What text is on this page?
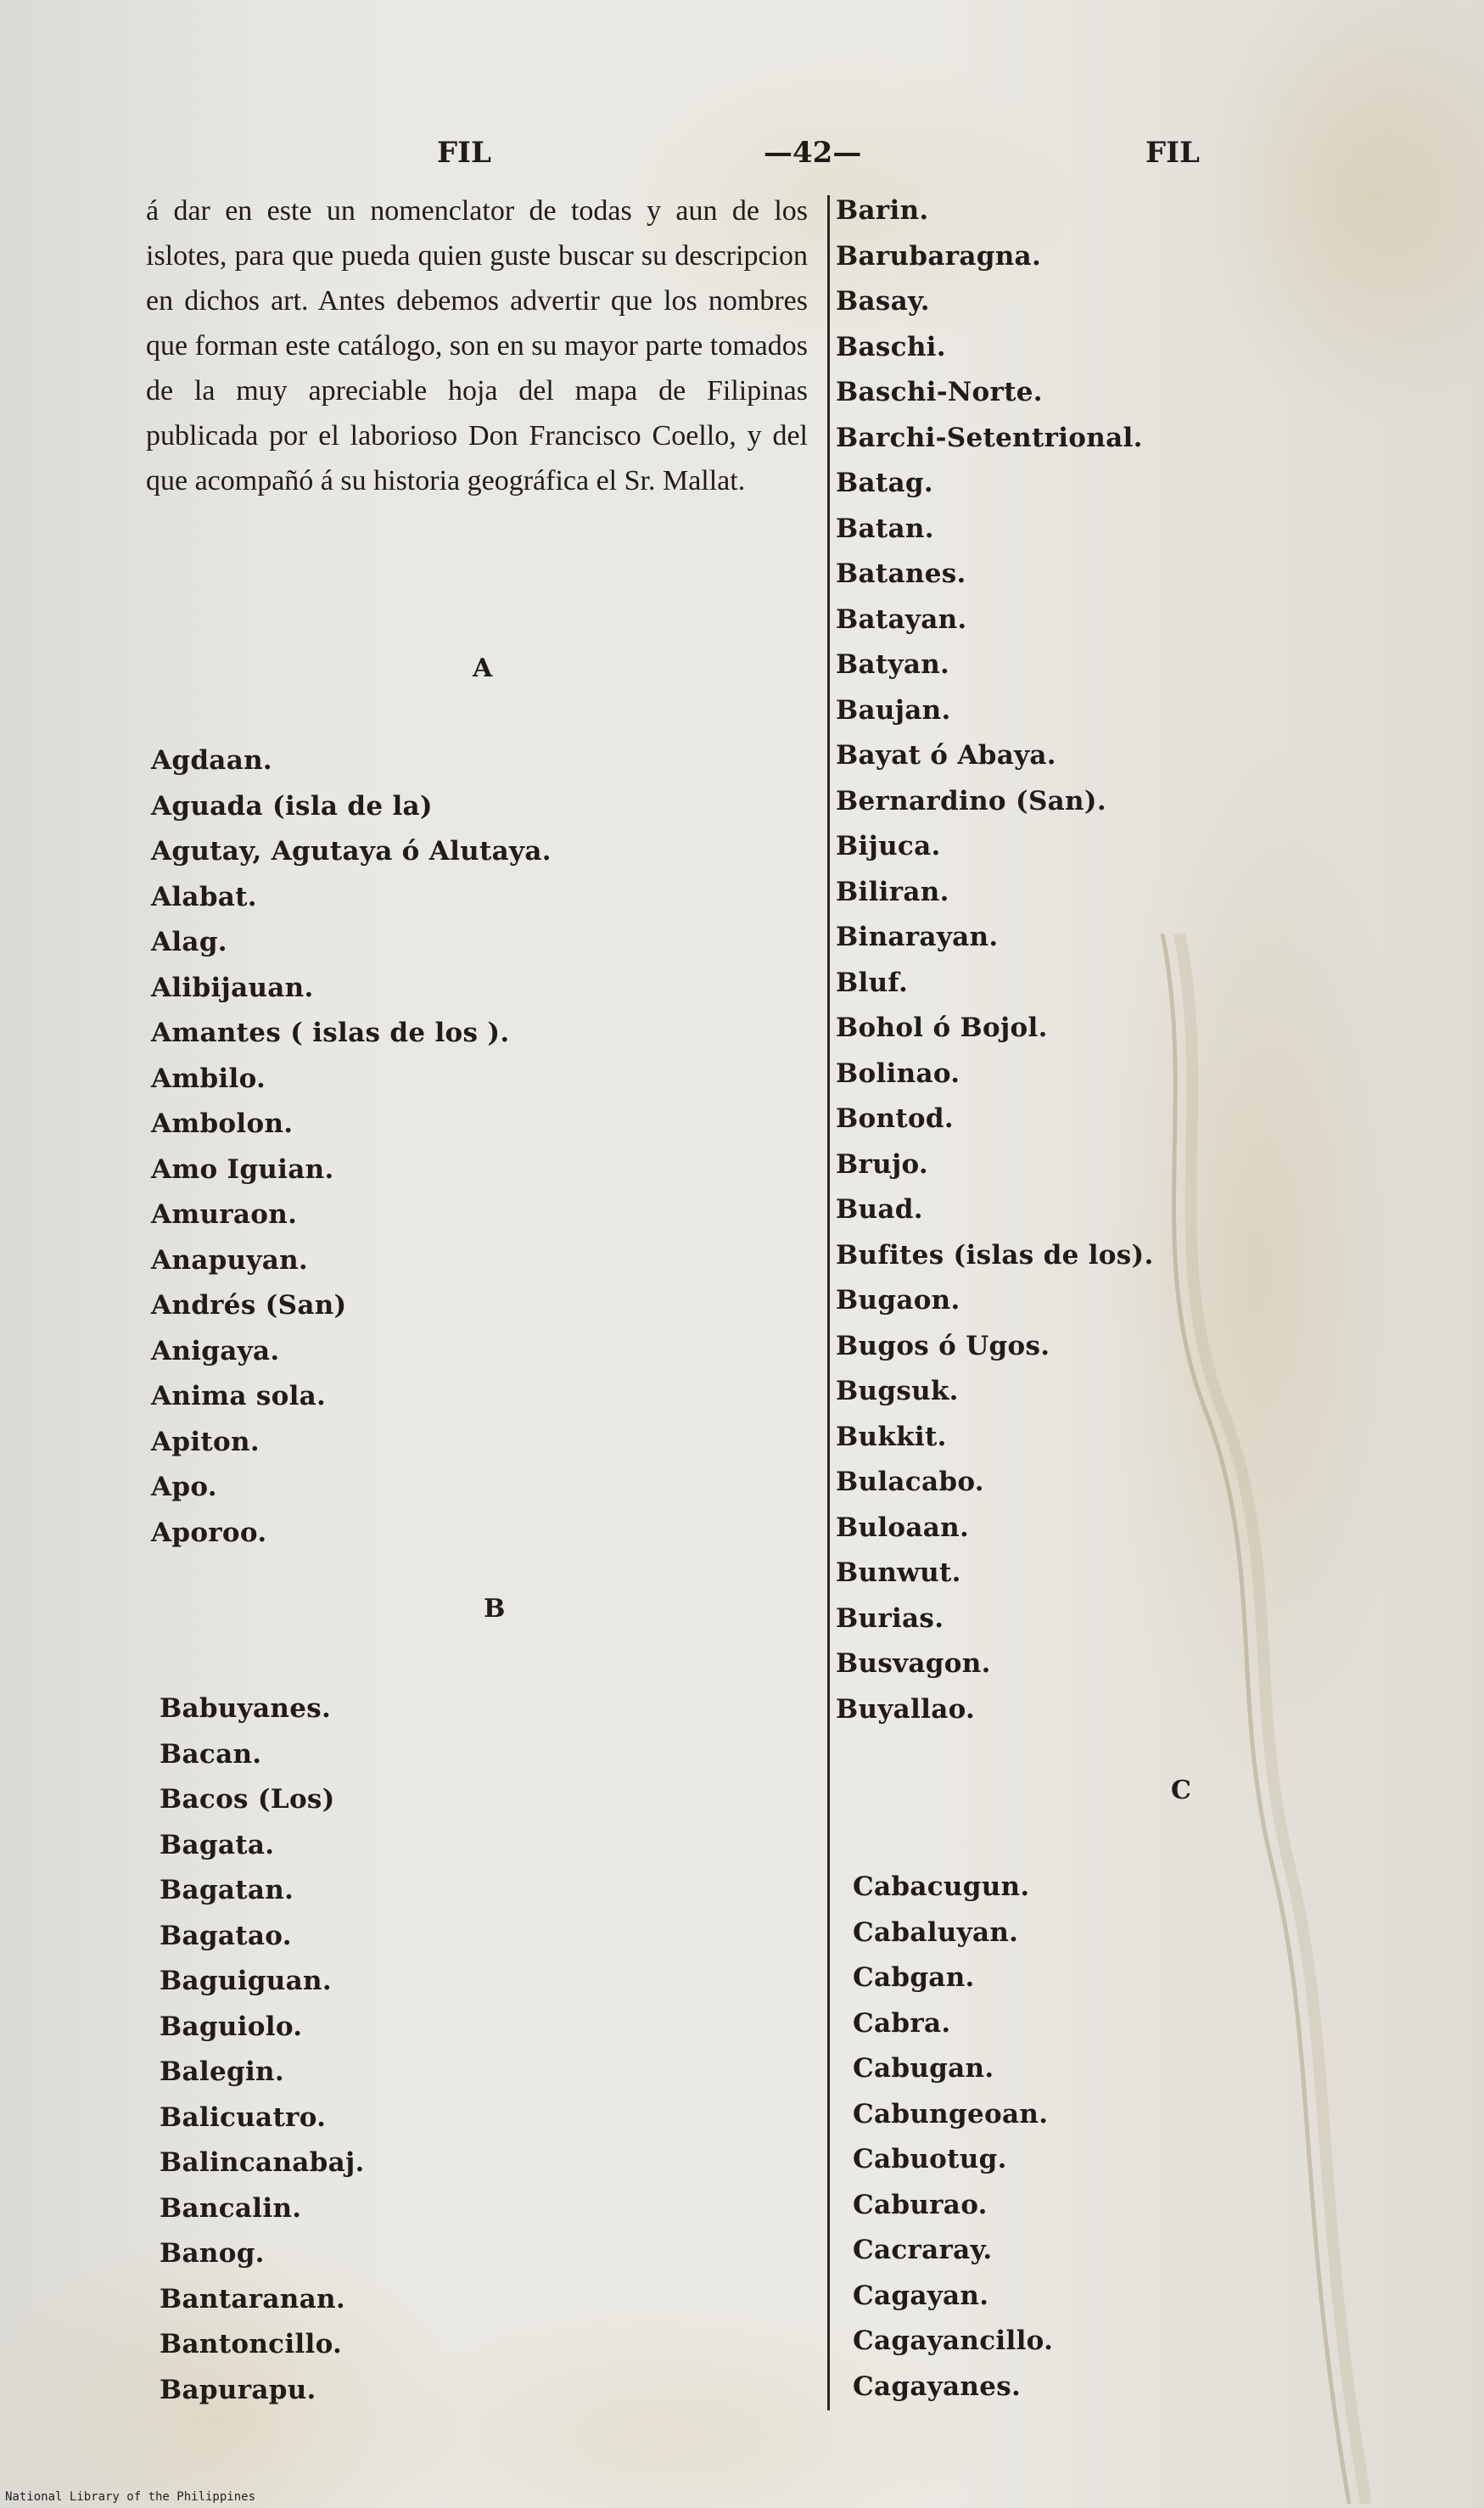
FIL	—42—	FIL
á dar en este un nomenclator de todas y aun de los islotes, para que pueda quien guste buscar su descripcion en dichos art. Antes debemos advertir que los nombres que forman este catálogo, son en su mayor parte tomados de la muy apreciable hoja del mapa de Filipinas publicada por el laborioso Don Francisco Coello, y del que acompañó á su historia geográfica el Sr. Mallat.
A
Agdaan.
Aguada (isla de la)
Agutay, Agutaya ó Alutaya.
Alabat.
Alag.
Alibijauan.
Amantes ( islas de los ).
Ambilo.
Ambolon.
Amo Iguian.
Amuraon.
Anapuyan.
Andrés (San)
Anigaya.
Anima sola.
Apiton.
Apo.
Aporoo.
B
Babuyanes.
Bacan.
Bacos (Los)
Bagata.
Bagatan.
Bagatao.
Baguiguan.
Baguiolo.
Balegin.
Balicuatro.
Balincanabaj.
Bancalin.
Banog.
Bantaranan.
Bantoncillo.
Bapurapu.
Barin.
Barubaragna.
Basay.
Baschi.
Baschi-Norte.
Barchi-Setentrional.
Batag.
Batan.
Batanes.
Batayan.
Batyan.
Baujan.
Bayat ó Abaya.
Bernardino (San).
Bijuca.
Biliran.
Binarayan.
Bluf.
Bohol ó Bojol.
Bolinao.
Bontod.
Brujo.
Buad.
Bufites (islas de los).
Bugaon.
Bugos ó Ugos.
Bugsuk.
Bukkit.
Bulacabo.
Buloaan.
Bunwut.
Burias.
Busvagon.
Buyallao.
C
Cabacugun.
Cabaluyan.
Cabgan.
Cabra.
Cabugan.
Cabungeoan.
Cabuotug.
Caburao.
Cacraray.
Cagayan.
Cagayancillo.
Cagayanes.
National Library of the Philippines
